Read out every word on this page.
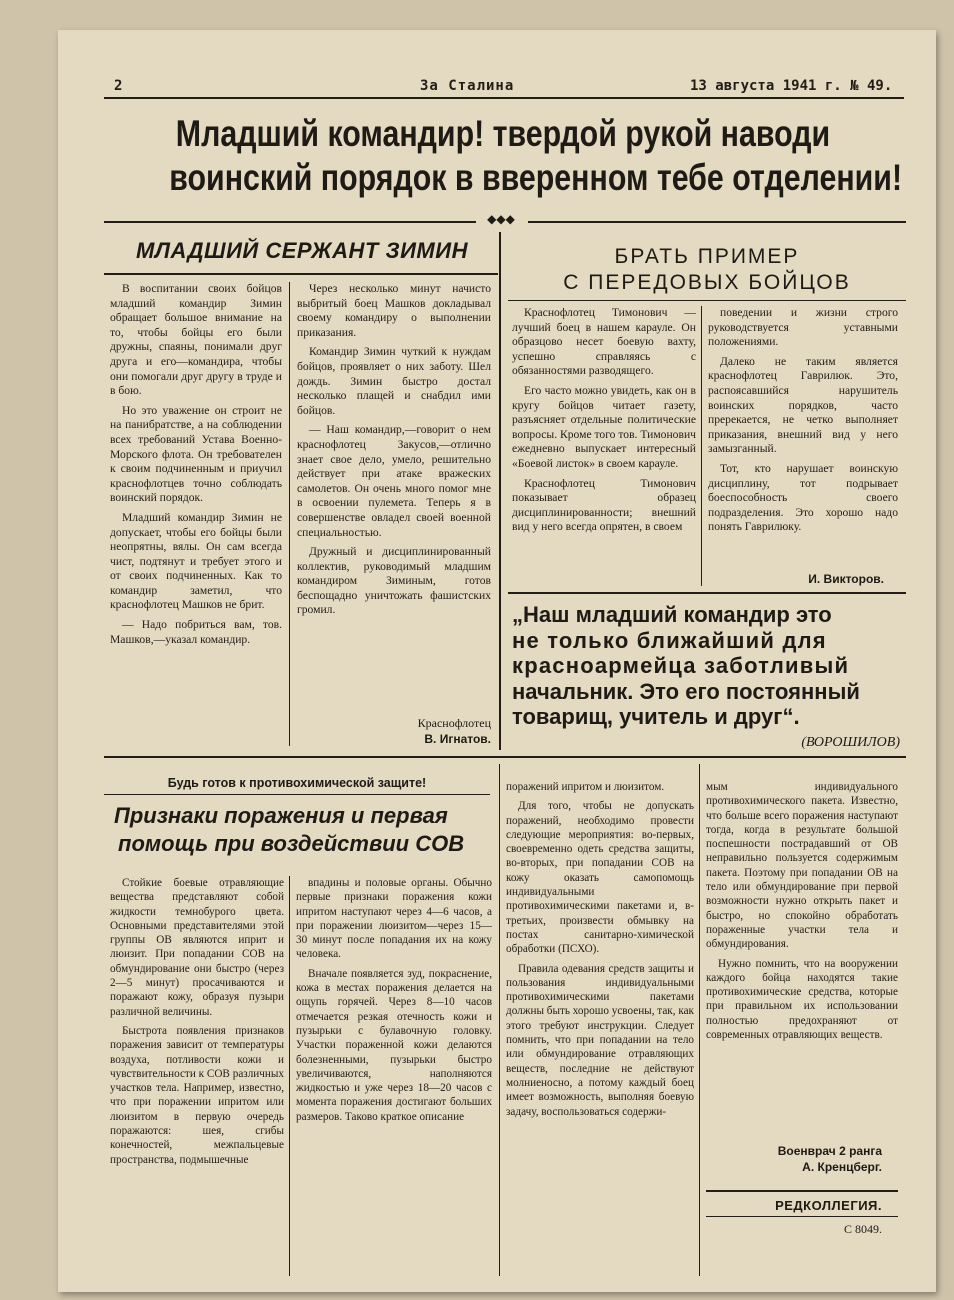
2	За Сталина	13 августа 1941 г. № 49.
Младший командир! твердой рукой наводи
воинский порядок в вверенном тебе отделении!
◆◆◆
МЛАДШИЙ СЕРЖАНТ ЗИМИН

В воспитании своих бойцов младший командир Зимин обращает большое внимание на то, чтобы бойцы его были дружны, спаяны, понимали друг друга и его—командира, чтобы они помогали друг другу в труде и в бою.

Но это уважение он строит не на панибратстве, а на соблюдении всех требований Устава Военно-Морского флота. Он требователен к своим подчиненным и приучил краснофлотцев точно соблюдать воинский порядок.

Младший командир Зимин не допускает, чтобы его бойцы были неопрятны, вялы. Он сам всегда чист, подтянут и требует этого и от своих подчиненных. Как то командир заметил, что краснофлотец Машков не брит.

— Надо побриться вам, тов. Машков,—указал командир.

Через несколько минут начисто выбритый боец Машков докладывал своему командиру о выполнении приказания.

Командир Зимин чуткий к нуждам бойцов, проявляет о них заботу. Шел дождь. Зимин быстро достал несколько плащей и снабдил ими бойцов.

— Наш командир,—говорит о нем краснофлотец Закусов,—отлично знает свое дело, умело, решительно действует при атаке вражеских самолетов. Он очень много помог мне в освоении пулемета. Теперь я в совершенстве овладел своей военной специальностью.

Дружный и дисциплинированный коллектив, руководимый младшим командиром Зиминым, готов беспощадно уничтожать фашистских громил.

Краснофлотец
В. Игнатов.
БРАТЬ ПРИМЕР
С ПЕРЕДОВЫХ БОЙЦОВ

Краснофлотец Тимонович — лучший боец в нашем карауле. Он образцово несет боевую вахту, успешно справляясь с обязанностями разводящего.

Его часто можно увидеть, как он в кругу бойцов читает газету, разъясняет отдельные политические вопросы. Кроме того тов. Тимонович ежедневно выпускает интересный «Боевой листок» в своем карауле.

Краснофлотец Тимонович показывает образец дисциплинированности; внешний вид у него всегда опрятен, в своем

поведении и жизни строго руководствуется уставными положениями.

Далеко не таким является краснофлотец Гаврилюк. Это, распоясавшийся нарушитель воинских порядков, часто пререкается, не четко выполняет приказания, внешний вид у него замызганный.

Тот, кто нарушает воинскую дисциплину, тот подрывает боеспособность своего подразделения. Это хорошо надо понять Гаврилюку.

И. Викторов.
„Наш младший командир это
не только ближайший для
красноармейца заботливый
начальник. Это его постоянный
товарищ, учитель и друг“.
(ВОРОШИЛОВ)
Будь готов к противохимической защите!
Признаки поражения и первая
помощь при воздействии СОВ

Стойкие боевые отравляющие вещества представляют собой жидкости темнобурого цвета. Основными представителями этой группы ОВ являются иприт и люизит. При попадании СОВ на обмундирование они быстро (через 2—5 минут) просачиваются и поражают кожу, образуя пузыри различной величины.

Быстрота появления признаков поражения зависит от температуры воздуха, потливости кожи и чувствительности к СОВ различных участков тела. Например, известно, что при поражении ипритом или люизитом в первую очередь поражаются: шея, сгибы конечностей, межпальцевые пространства, подмышечные

впадины и половые органы. Обычно первые признаки поражения кожи ипритом наступают через 4—6 часов, а при поражении люизитом—через 15—30 минут после попадания их на кожу человека.

Вначале появляется зуд, покраснение, кожа в местах поражения делается на ощупь горячей. Через 8—10 часов отмечается резкая отечность кожи и пузырьки с булавочную головку. Участки пораженной кожи делаются болезненными, пузырьки быстро увеличиваются, наполняются жидкостью и уже через 18—20 часов с момента поражения достигают больших размеров. Таково краткое описание

поражений ипритом и люизитом.

Для того, чтобы не допускать поражений, необходимо провести следующие мероприятия: во-первых, своевременно одеть средства защиты, во-вторых, при попадании СОВ на кожу оказать самопомощь индивидуальными противохимическими пакетами и, в-третьих, произвести обмывку на постах санитарно-химической обработки (ПСХО).

Правила одевания средств защиты и пользования индивидуальными противохимическими пакетами должны быть хорошо усвоены, так, как этого требуют инструкции. Следует помнить, что при попадании на тело или обмундирование отравляющих веществ, последние не действуют молниеносно, а потому каждый боец имеет возможность, выполняя боевую задачу, воспользоваться содержи-

мым индивидуального противохимического пакета. Известно, что больше всего поражения наступают тогда, когда в результате большой поспешности пострадавший от ОВ неправильно пользуется содержимым пакета. Поэтому при попадании ОВ на тело или обмундирование при первой возможности нужно открыть пакет и быстро, но спокойно обработать пораженные участки тела и обмундирования.

Нужно помнить, что на вооружении каждого бойца находятся такие противохимические средства, которые при правильном их использовании полностью предохраняют от современных отравляющих веществ.

Военврач 2 ранга
А. Кренцберг.
РЕДКОЛЛЕГИЯ.
С 8049.
